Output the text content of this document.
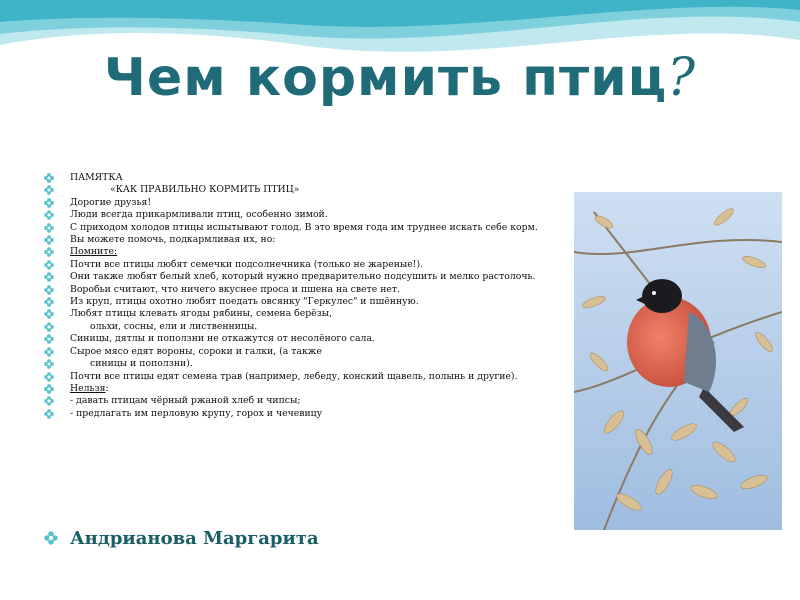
Чем кормить птиц?
ПАМЯТКА
«КАК ПРАВИЛЬНО КОРМИТЬ ПТИЦ»
Дорогие друзья!
Люди всегда прикармливали птиц, особенно зимой.
С приходом холодов птицы испытывают голод. В это время года им труднее искать себе корм.
Вы можете помочь, подкармливая их, но:
Помните:
Почти все птицы любят семечки подсолнечника (только не жареные!).
Они также любят белый хлеб, который нужно предварительно подсушить и мелко растолочь.
Воробьи считают, что ничего вкуснее проса и пшена на свете нет.
Из круп, птицы охотно любят поедать овсянку "Геркулес" и пшённую.
Любят птицы клевать ягоды рябины, семена берёзы,
ольхи, сосны, ели и лиственницы.
Синицы, дятлы и поползни не откажутся от несолёного сала.
Сырое мясо едят вороны, сороки и галки, (а также
синицы и поползни).
Почти все птицы едят семена трав (например, лебеду, конский щавель, полынь и другие).
Нельзя:
- давать птицам чёрный ржаной хлеб и чипсы;
- предлагать им перловую крупу, горох и чечевицу
Андрианова Маргарита
